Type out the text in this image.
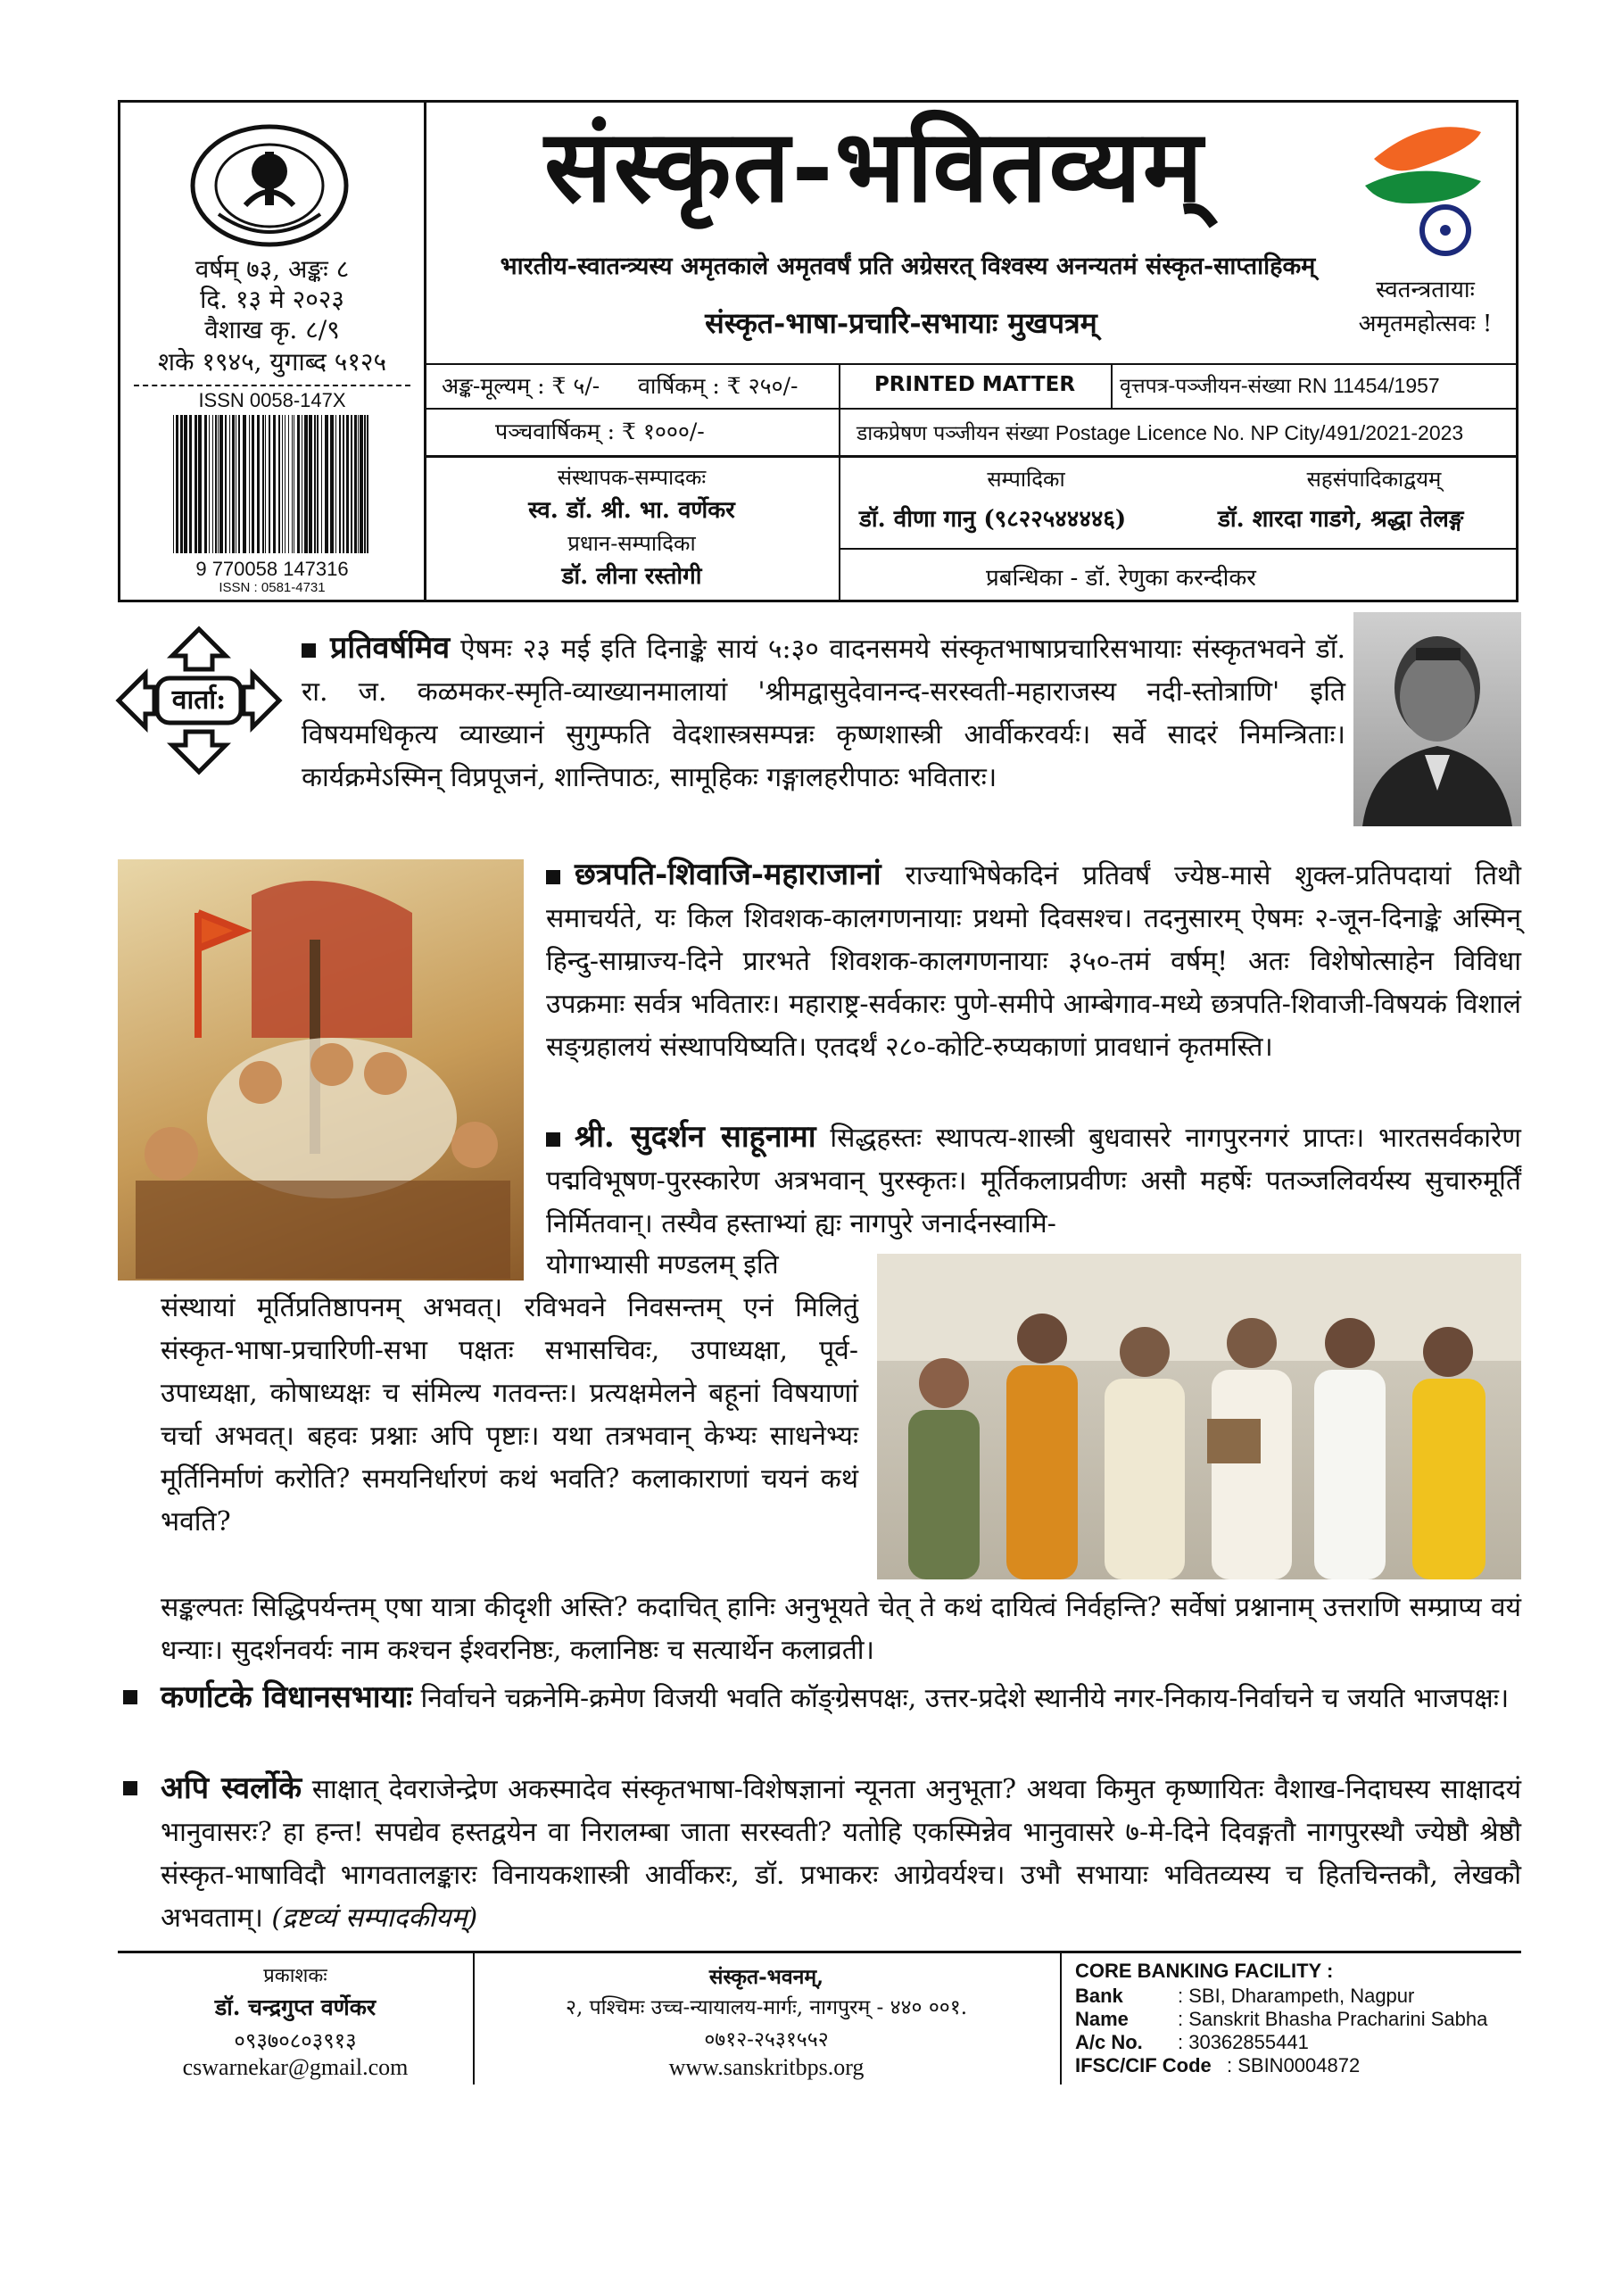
वर्षम् ७३, अङ्कः ८
दि. १३ मे २०२३
वैशाख कृ. ८/९
शके १९४५, युगाब्द ५१२५
ISSN 0058-147X
9 770058 147316
ISSN : 0581-4731
संस्कृत-भवितव्यम्
भारतीय-स्वातन्त्र्यस्य अमृतकाले अमृतवर्षं प्रति अग्रेसरत् विश्वस्य अनन्यतमं संस्कृत-साप्ताहिकम्
संस्कृत-भाषा-प्रचारि-सभायाः मुखपत्रम्
स्वतन्त्रतायाः
अमृतमहोत्सवः !
अङ्क-मूल्यम् : ₹ ५/- वार्षिकम् : ₹ २५०/-
पञ्चवार्षिकम् : ₹ १०००/-
PRINTED MATTER	वृत्तपत्र-पञ्जीयन-संख्या RN 11454/1957
डाकप्रेषण पञ्जीयन संख्या Postage Licence No. NP City/491/2021-2023
संस्थापक-सम्पादकः
स्व. डॉ. श्री. भा. वर्णेकर
प्रधान-सम्पादिका
डॉ. लीना रस्तोगी
सम्पादिका
डॉ. वीणा गानु (९८२२५४४४४६)
सहसंपादिकाद्वयम्
डॉ. शारदा गाडगे, श्रद्धा तेलङ्ग
प्रबन्धिका - डॉ. रेणुका करन्दीकर
वार्ता:
प्रतिवर्षमिव ऐषमः २३ मई इति दिनाङ्के सायं ५:३० वादनसमये संस्कृतभाषाप्रचारिसभायाः संस्कृतभवने डॉ. रा. ज. कळमकर-स्मृति-व्याख्यानमालायां 'श्रीमद्वासुदेवानन्द-सरस्वती-महाराजस्य नदी-स्तोत्राणि' इति विषयमधिकृत्य व्याख्यानं सुगुम्फति वेदशास्त्रसम्पन्नः कृष्णशास्त्री आर्वीकरवर्यः। सर्वे सादरं निमन्त्रिताः। कार्यक्रमेऽस्मिन् विप्रपूजनं, शान्तिपाठः, सामूहिकः गङ्गालहरीपाठः भवितारः।
छत्रपति-शिवाजि-महाराजानां राज्याभिषेकदिनं प्रतिवर्षं ज्येष्ठ-मासे शुक्ल-प्रतिपदायां तिथौ समाचर्यते, यः किल शिवशक-कालगणनायाः प्रथमो दिवसश्च। तदनुसारम् ऐषमः २-जून-दिनाङ्के अस्मिन् हिन्दु-साम्राज्य-दिने प्रारभते शिवशक-कालगणनायाः ३५०-तमं वर्षम्! अतः विशेषोत्साहेन विविधा उपक्रमाः सर्वत्र भवितारः। महाराष्ट्र-सर्वकारः पुणे-समीपे आम्बेगाव-मध्ये छत्रपति-शिवाजी-विषयकं विशालं सङ्ग्रहालयं संस्थापयिष्यति। एतदर्थं २८०-कोटि-रुप्यकाणां प्रावधानं कृतमस्ति।
श्री. सुदर्शन साहूनामा सिद्धहस्तः स्थापत्य-शास्त्री बुधवासरे नागपुरनगरं प्राप्तः। भारतसर्वकारेण पद्मविभूषण-पुरस्कारेण अत्रभवान् पुरस्कृतः। मूर्तिकलाप्रवीणः असौ महर्षेः पतञ्जलिवर्यस्य सुचारुमूर्तिं निर्मितवान्। तस्यैव हस्ताभ्यां ह्यः नागपुरे जनार्दनस्वामि-
योगाभ्यासी मण्डलम् इति
संस्थायां मूर्तिप्रतिष्ठापनम् अभवत्। रविभवने निवसन्तम् एनं मिलितुं संस्कृत-भाषा-प्रचारिणी-सभा पक्षतः सभासचिवः, उपाध्यक्षा, पूर्व-उपाध्यक्षा, कोषाध्यक्षः च संमिल्य गतवन्तः। प्रत्यक्षमेलने बहूनां विषयाणां चर्चा अभवत्। बहवः प्रश्नाः अपि पृष्टाः। यथा तत्रभवान् केभ्यः साधनेभ्यः मूर्तिनिर्माणं करोति? समयनिर्धारणं कथं भवति? कलाकाराणां चयनं कथं भवति?
सङ्कल्पतः सिद्धिपर्यन्तम् एषा यात्रा कीदृशी अस्ति? कदाचित् हानिः अनुभूयते चेत् ते कथं दायित्वं निर्वहन्ति? सर्वेषां प्रश्नानाम् उत्तराणि सम्प्राप्य वयं धन्याः। सुदर्शनवर्यः नाम कश्चन ईश्वरनिष्ठः, कलानिष्ठः च सत्यार्थेन कलाव्रती।
कर्णाटके विधानसभायाः निर्वाचने चक्रनेमि-क्रमेण विजयी भवति कॉङ्ग्रेसपक्षः, उत्तर-प्रदेशे स्थानीये नगर-निकाय-निर्वाचने च जयति भाजपक्षः।
अपि स्वर्लोके साक्षात् देवराजेन्द्रेण अकस्मादेव संस्कृतभाषा-विशेषज्ञानां न्यूनता अनुभूता? अथवा किमुत कृष्णायितः वैशाख-निदाघस्य साक्षादयं भानुवासरः? हा हन्त! सपद्येव हस्तद्वयेन वा निरालम्बा जाता सरस्वती? यतोहि एकस्मिन्नेव भानुवासरे ७-मे-दिने दिवङ्गतौ नागपुरस्थौ ज्येष्ठौ श्रेष्ठौ संस्कृत-भाषाविदौ भागवतालङ्कारः विनायकशास्त्री आर्वीकरः, डॉ. प्रभाकरः आग्रेवर्यश्च। उभौ सभायाः भवितव्यस्य च हितचिन्तकौ, लेखकौ अभवताम्। (द्रष्टव्यं सम्पादकीयम्)
प्रकाशकः
डॉ. चन्द्रगुप्त वर्णेकर
०९३७०८०३९१३
cswarnekar@gmail.com
संस्कृत-भवनम्,
२, पश्चिमः उच्च-न्यायालय-मार्गः, नागपुरम् - ४४० ००१.
०७१२-२५३१५५२
www.sanskritbps.org
CORE BANKING FACILITY :
Bank	: SBI, Dharampeth, Nagpur
Name	: Sanskrit Bhasha Pracharini Sabha
A/c No. : 30362855441
IFSC/CIF Code : SBIN0004872
